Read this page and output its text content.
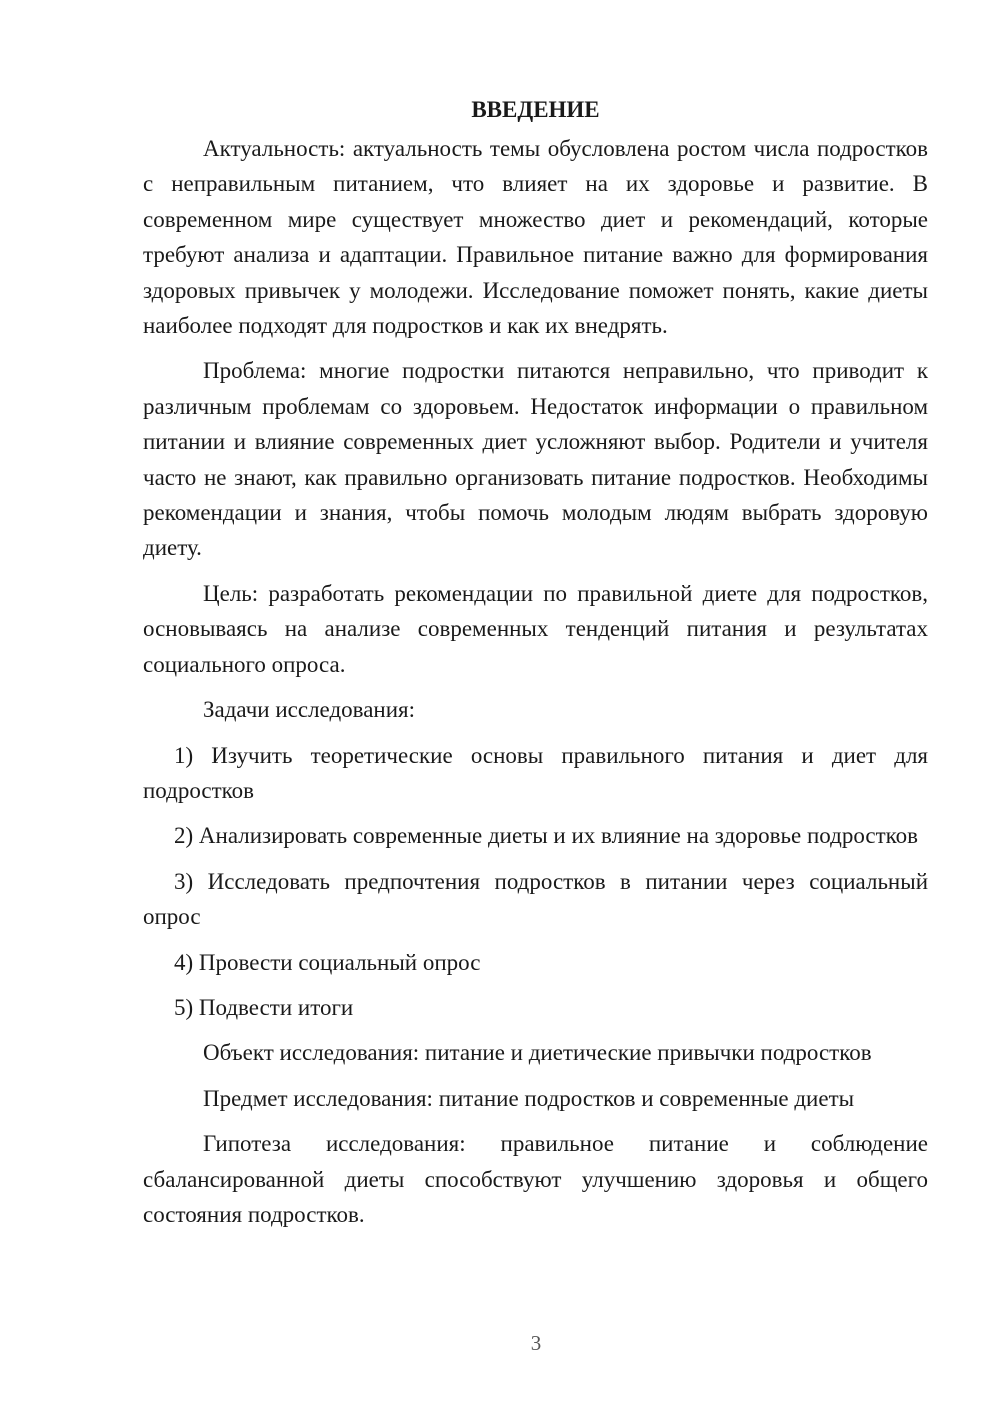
ВВЕДЕНИЕ

Актуальность: актуальность темы обусловлена ростом числа подростков с неправильным питанием, что влияет на их здоровье и развитие. В современном мире существует множество диет и рекомендаций, которые требуют анализа и адаптации. Правильное питание важно для формирования здоровых привычек у молодежи. Исследование поможет понять, какие диеты наиболее подходят для подростков и как их внедрять.

Проблема: многие подростки питаются неправильно, что приводит к различным проблемам со здоровьем. Недостаток информации о правильном питании и влияние современных диет усложняют выбор. Родители и учителя часто не знают, как правильно организовать питание подростков. Необходимы рекомендации и знания, чтобы помочь молодым людям выбрать здоровую диету.

Цель: разработать рекомендации по правильной диете для подростков, основываясь на анализе современных тенденций питания и результатах социального опроса.

Задачи исследования:

1) Изучить теоретические основы правильного питания и диет для подростков

2) Анализировать современные диеты и их влияние на здоровье подростков

3) Исследовать предпочтения подростков в питании через социальный опрос

4) Провести социальный опрос

5) Подвести итоги

Объект исследования: питание и диетические привычки подростков

Предмет исследования: питание подростков и современные диеты

Гипотеза исследования: правильное питание и соблюдение сбалансированной диеты способствуют улучшению здоровья и общего состояния подростков.

3
